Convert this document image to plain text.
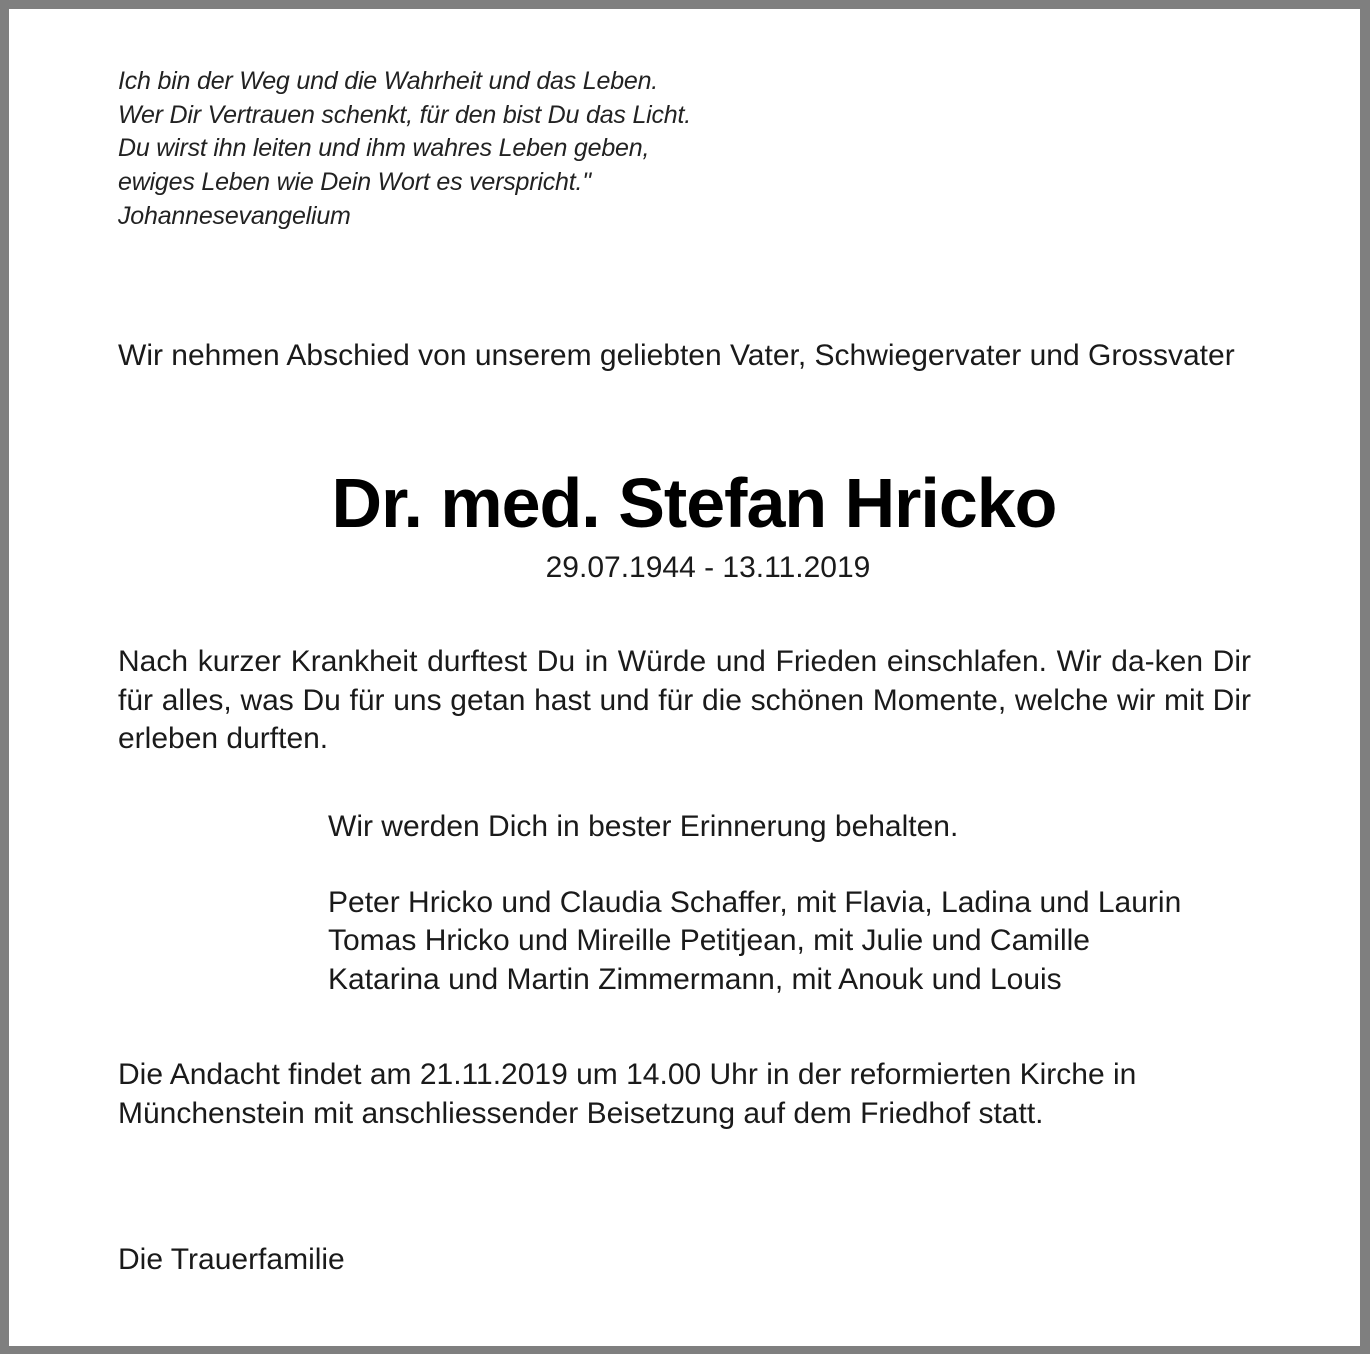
Ich bin der Weg und die Wahrheit und das Leben.
Wer Dir Vertrauen schenkt, für den bist Du das Licht.
Du wirst ihn leiten und ihm wahres Leben geben,
ewiges Leben wie Dein Wort es verspricht."
Johannesevangelium
Wir nehmen Abschied von unserem geliebten Vater, Schwiegervater und Grossvater
Dr. med. Stefan Hricko
29.07.1944 - 13.11.2019
Nach kurzer Krankheit durftest Du in Würde und Frieden einschlafen. Wir da-ken Dir für alles, was Du für uns getan hast und für die schönen Momente, welche wir mit Dir erleben durften.
Wir werden Dich in bester Erinnerung behalten.
Peter Hricko und Claudia Schaffer, mit Flavia, Ladina und Laurin
Tomas Hricko und Mireille Petitjean, mit Julie und Camille
Katarina und Martin Zimmermann, mit Anouk und Louis
Die Andacht findet am 21.11.2019 um 14.00 Uhr in der reformierten Kirche in Münchenstein mit anschliessender Beisetzung auf dem Friedhof statt.
Die Trauerfamilie
